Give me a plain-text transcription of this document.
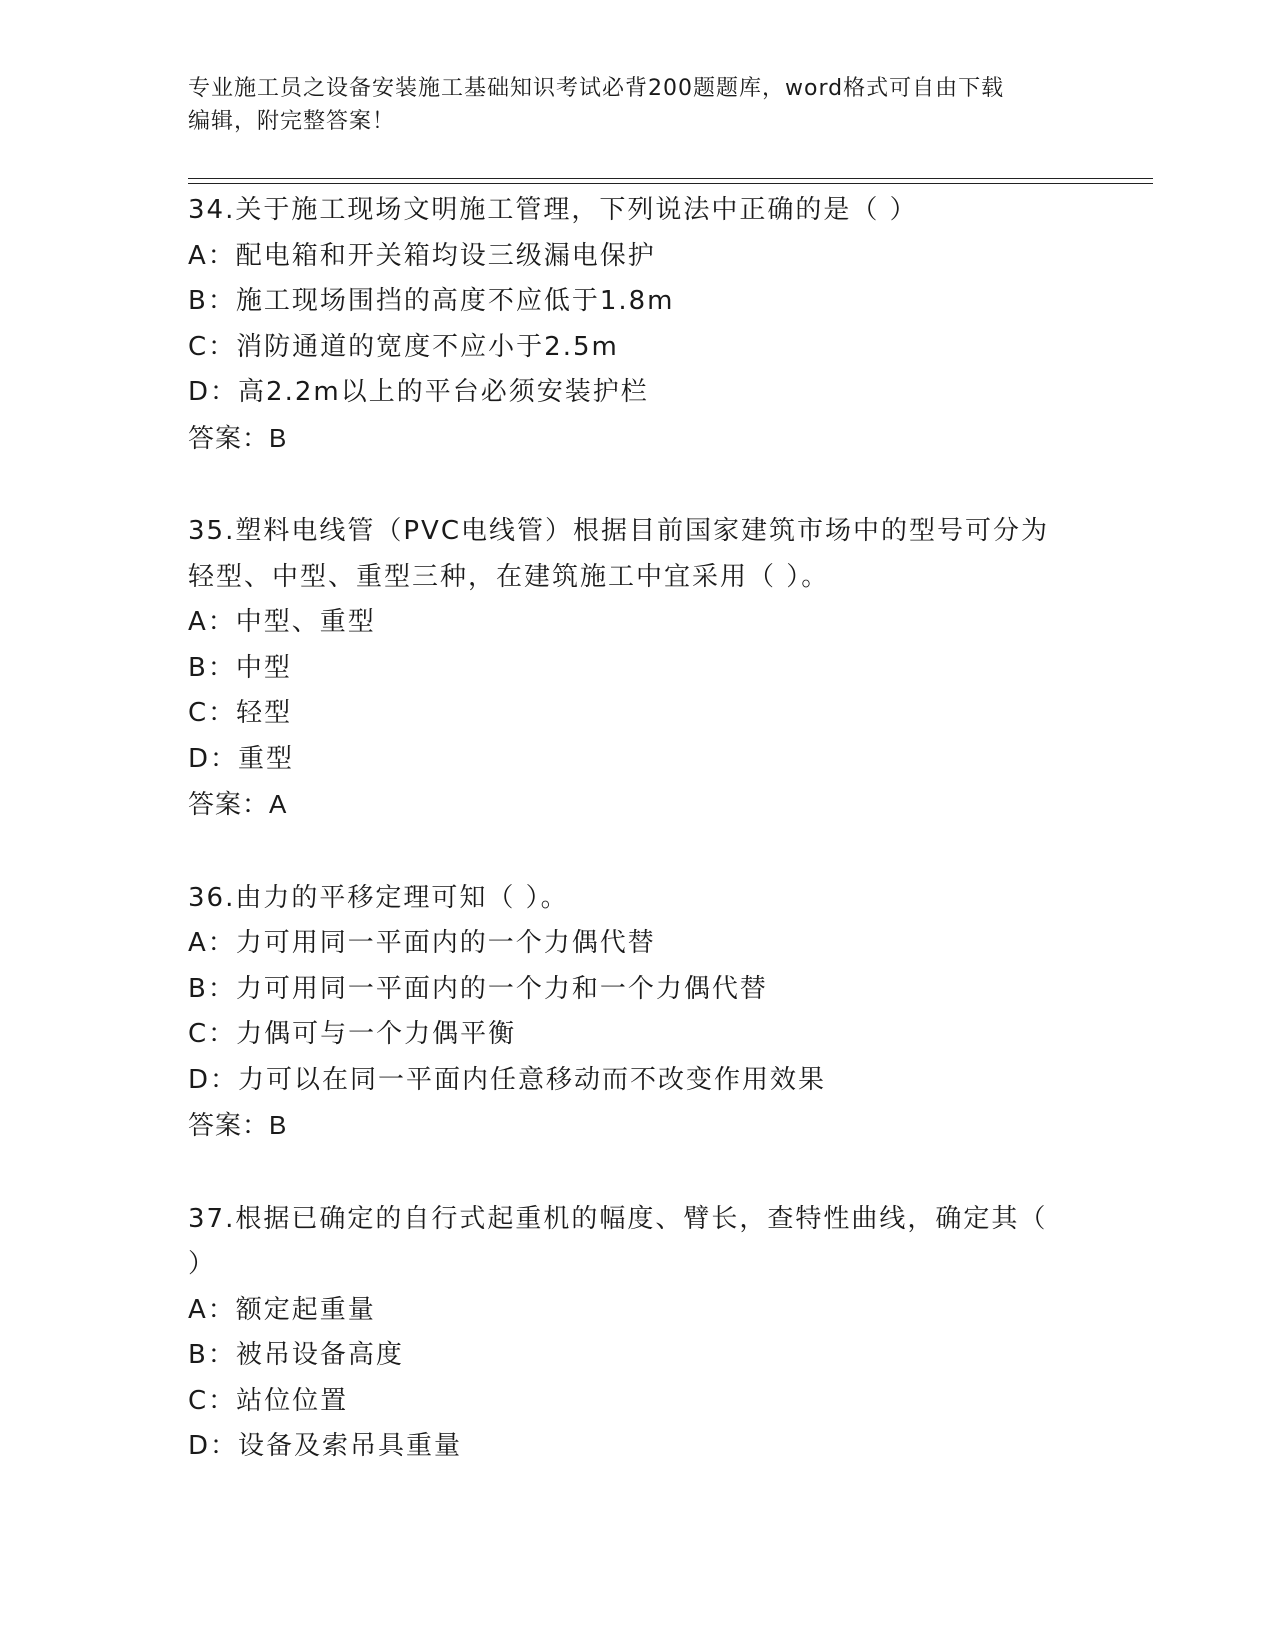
专业施工员之设备安装施工基础知识考试必背200题题库，word格式可自由下载
编辑，附完整答案！
34.关于施工现场文明施工管理，下列说法中正确的是（ ）
A：配电箱和开关箱均设三级漏电保护
B：施工现场围挡的高度不应低于1.8m
C：消防通道的宽度不应小于2.5m
D：高2.2m以上的平台必须安装护栏
答案：B
35.塑料电线管（PVC电线管）根据目前国家建筑市场中的型号可分为
轻型、中型、重型三种，在建筑施工中宜采用（ ）。
A：中型、重型
B：中型
C：轻型
D：重型
答案：A
36.由力的平移定理可知（ ）。
A：力可用同一平面内的一个力偶代替
B：力可用同一平面内的一个力和一个力偶代替
C：力偶可与一个力偶平衡
D：力可以在同一平面内任意移动而不改变作用效果
答案：B
37.根据已确定的自行式起重机的幅度、臂长，查特性曲线，确定其（
）
A：额定起重量
B：被吊设备高度
C：站位位置
D：设备及索吊具重量
